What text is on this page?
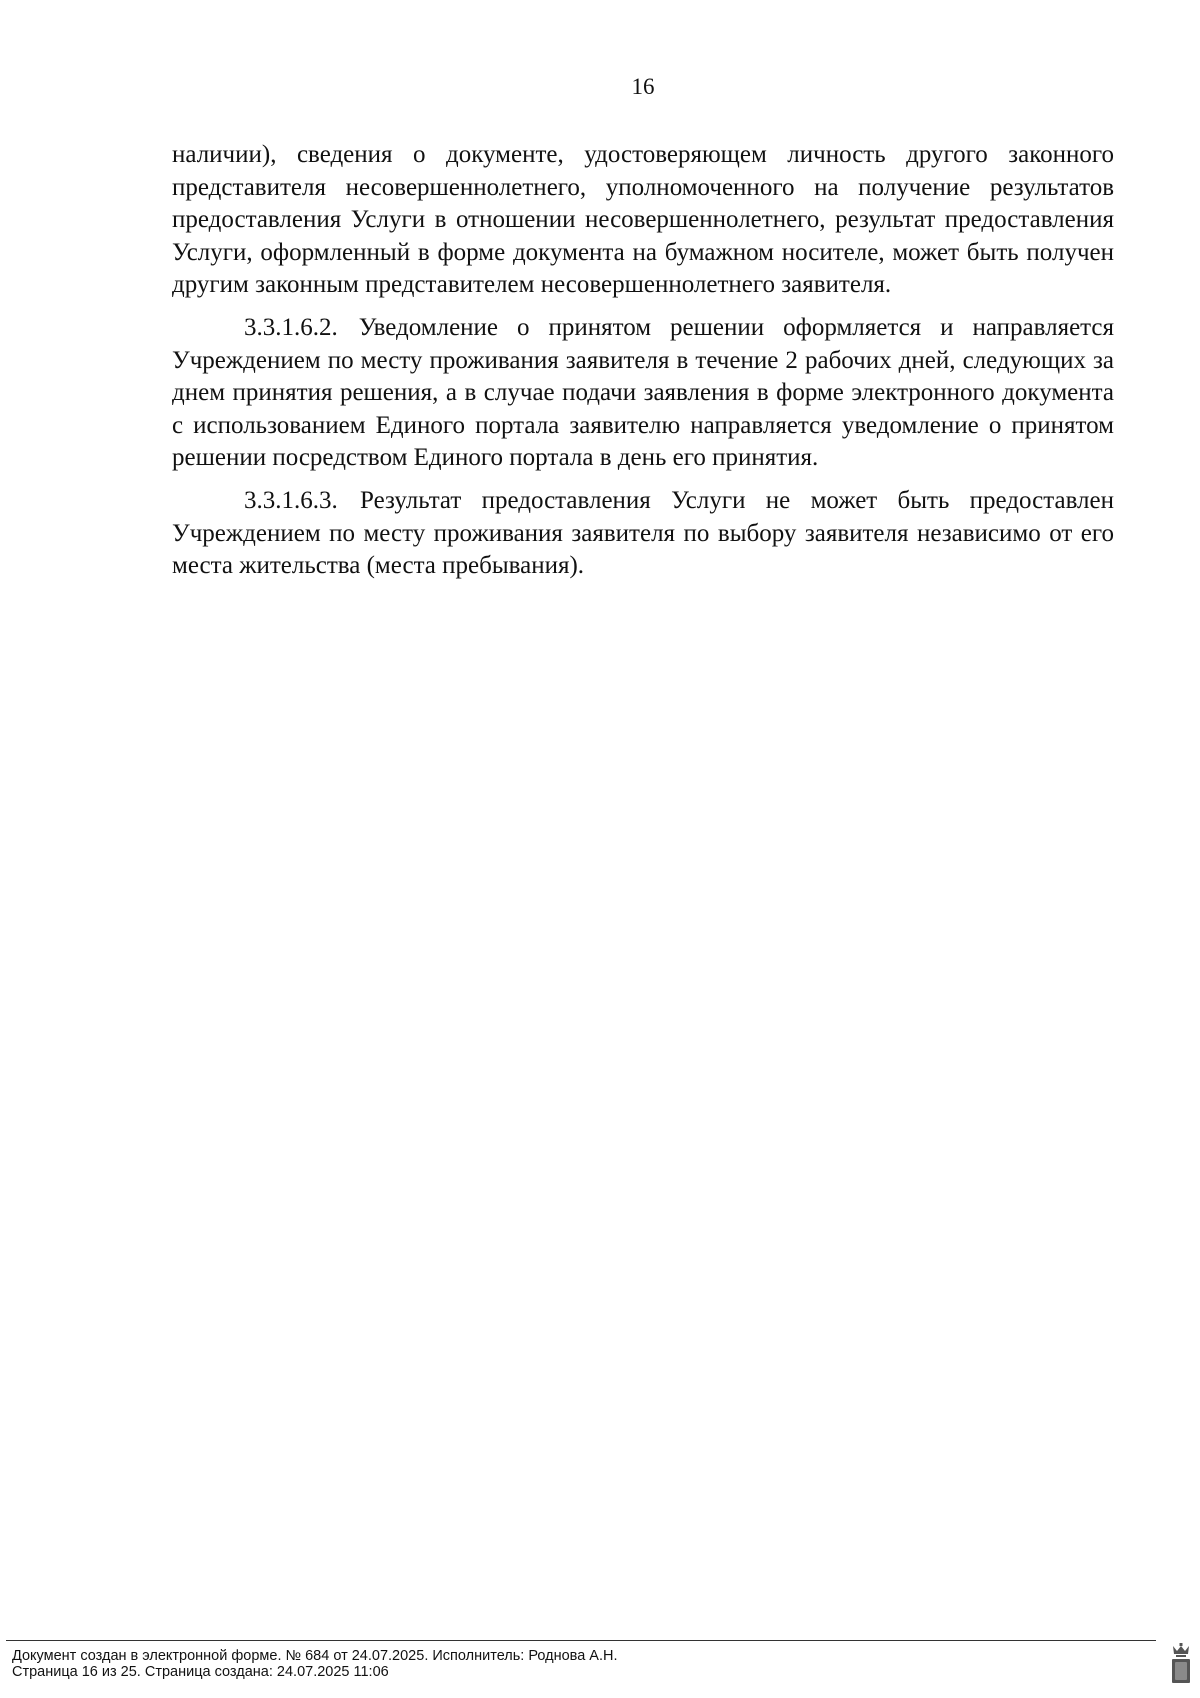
16

наличии), сведения о документе, удостоверяющем личность другого законного представителя несовершеннолетнего, уполномоченного на получение результатов предоставления Услуги в отношении несовершеннолетнего, результат предоставления Услуги, оформленный в форме документа на бумажном носителе, может быть получен другим законным представителем несовершеннолетнего заявителя.

3.3.1.6.2. Уведомление о принятом решении оформляется и направляется Учреждением по месту проживания заявителя в течение 2 рабочих дней, следующих за днем принятия решения, а в случае подачи заявления в форме электронного документа с использованием Единого портала заявителю направляется уведомление о принятом решении посредством Единого портала в день его принятия.

3.3.1.6.3. Результат предоставления Услуги не может быть предоставлен Учреждением по месту проживания заявителя по выбору заявителя независимо от его места жительства (места пребывания).

Документ создан в электронной форме. № 684 от 24.07.2025. Исполнитель: Роднова А.Н.
Страница 16 из 25. Страница создана: 24.07.2025 11:06
